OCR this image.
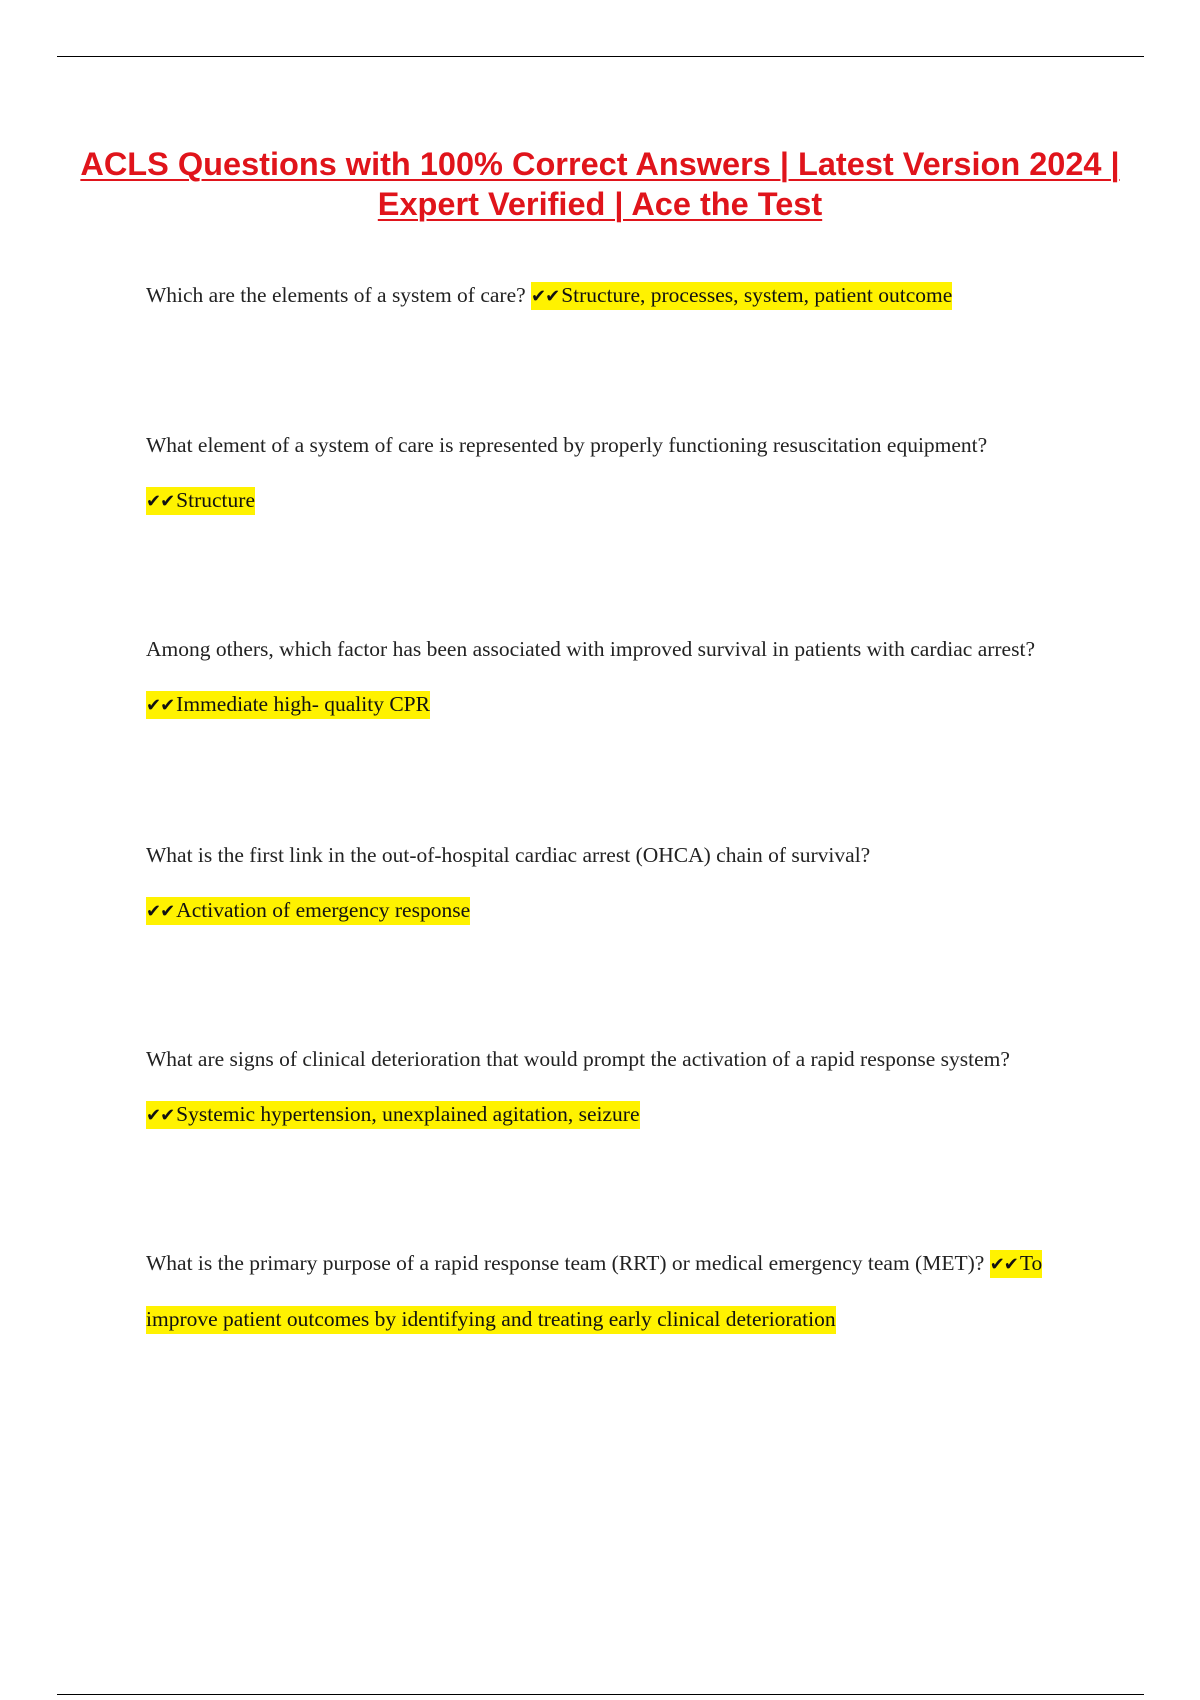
ACLS Questions with 100% Correct Answers | Latest Version 2024 | Expert Verified | Ace the Test

Which are the elements of a system of care? ✔✔Structure, processes, system, patient outcome

What element of a system of care is represented by properly functioning resuscitation equipment? ✔✔Structure

Among others, which factor has been associated with improved survival in patients with cardiac arrest? ✔✔Immediate high- quality CPR

What is the first link in the out-of-hospital cardiac arrest (OHCA) chain of survival? ✔✔Activation of emergency response

What are signs of clinical deterioration that would prompt the activation of a rapid response system? ✔✔Systemic hypertension, unexplained agitation, seizure

What is the primary purpose of a rapid response team (RRT) or medical emergency team (MET)? ✔✔To improve patient outcomes by identifying and treating early clinical deterioration
